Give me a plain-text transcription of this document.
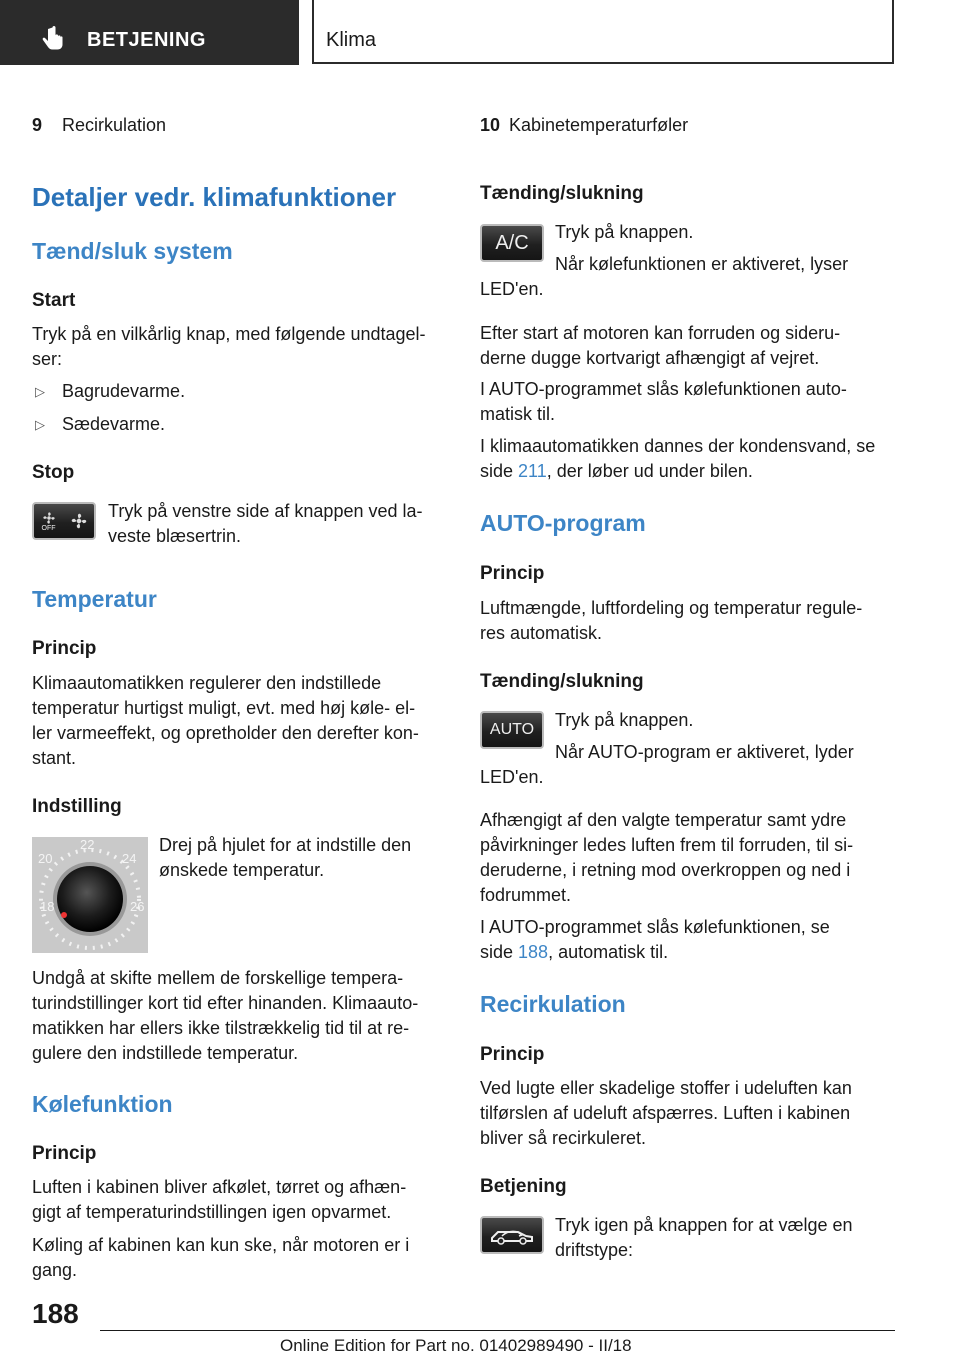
BETJENING	Klima
9 Recirkulation
Detaljer vedr. klimafunktioner
Tænd/sluk system
Start
Tryk på en vilkårlig knap, med følgende undtagel-
ser:
▷ Bagrudevarme.
▷ Sædevarme.
Stop
OFF
Tryk på venstre side af knappen ved la-
veste blæsertrin.
Temperatur
Princip
Klimaautomatikken regulerer den indstillede
temperatur hurtigst muligt, evt. med høj køle- el-
ler varmeeffekt, og opretholder den derefter kon-
stant.
Indstilling
18
20
22
24
26
Drej på hjulet for at indstille den
ønskede temperatur.
Undgå at skifte mellem de forskellige tempera-
turindstillinger kort tid efter hinanden. Klimaauto-
matikken har ellers ikke tilstrækkelig tid til at re-
gulere den indstillede temperatur.
Kølefunktion
Princip
Luften i kabinen bliver afkølet, tørret og afhæn-
gigt af temperaturindstillingen igen opvarmet.
Køling af kabinen kan kun ske, når motoren er i
gang.
10 Kabinetemperaturføler
Tænding/slukning
A/C Tryk på knappen.
Når kølefunktionen er aktiveret, lyser
LED'en.
Efter start af motoren kan forruden og sideru-
derne dugge kortvarigt afhængigt af vejret.
I AUTO-programmet slås kølefunktionen auto-
matisk til.
I klimaautomatikken dannes der kondensvand, se
side 211, der løber ud under bilen.
AUTO-program
Princip
Luftmængde, luftfordeling og temperatur regule-
res automatisk.
Tænding/slukning
AUTO Tryk på knappen.
Når AUTO-program er aktiveret, lyder
LED'en.
Afhængigt af den valgte temperatur samt ydre
påvirkninger ledes luften frem til forruden, til si-
deruderne, i retning mod overkroppen og ned i
fodrummet.
I AUTO-programmet slås kølefunktionen, se
side 188, automatisk til.
Recirkulation
Princip
Ved lugte eller skadelige stoffer i udeluften kan
tilførslen af udeluft afspærres. Luften i kabinen
bliver så recirkuleret.
Betjening
Tryk igen på knappen for at vælge en
driftstype:
188
Online Edition for Part no. 01402989490 - II/18
